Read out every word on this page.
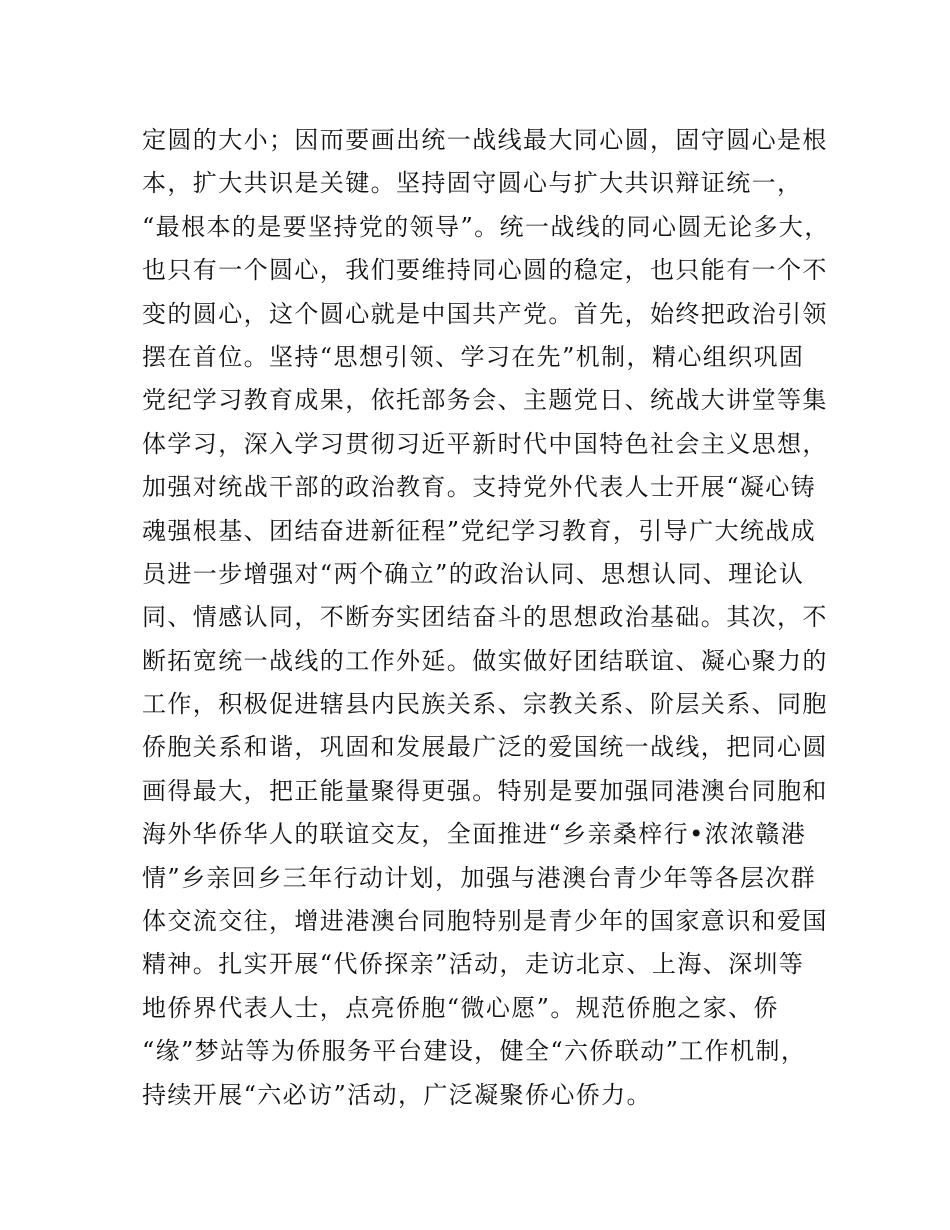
定圆的大小；因而要画出统一战线最大同心圆，固守圆心是根
本，扩大共识是关键。坚持固守圆心与扩大共识辩证统一，
“最根本的是要坚持党的领导”。统一战线的同心圆无论多大，
也只有一个圆心，我们要维持同心圆的稳定，也只能有一个不
变的圆心，这个圆心就是中国共产党。首先，始终把政治引领
摆在首位。坚持“思想引领、学习在先”机制，精心组织巩固
党纪学习教育成果，依托部务会、主题党日、统战大讲堂等集
体学习，深入学习贯彻习近平新时代中国特色社会主义思想，
加强对统战干部的政治教育。支持党外代表人士开展“凝心铸
魂强根基、团结奋进新征程”党纪学习教育，引导广大统战成
员进一步增强对“两个确立”的政治认同、思想认同、理论认
同、情感认同，不断夯实团结奋斗的思想政治基础。其次，不
断拓宽统一战线的工作外延。做实做好团结联谊、凝心聚力的
工作，积极促进辖县内民族关系、宗教关系、阶层关系、同胞
侨胞关系和谐，巩固和发展最广泛的爱国统一战线，把同心圆
画得最大，把正能量聚得更强。特别是要加强同港澳台同胞和
海外华侨华人的联谊交友，全面推进“乡亲桑梓行•浓浓赣港
情”乡亲回乡三年行动计划，加强与港澳台青少年等各层次群
体交流交往，增进港澳台同胞特别是青少年的国家意识和爱国
精神。扎实开展“代侨探亲”活动，走访北京、上海、深圳等
地侨界代表人士，点亮侨胞“微心愿”。规范侨胞之家、侨
“缘”梦站等为侨服务平台建设，健全“六侨联动”工作机制，
持续开展“六必访”活动，广泛凝聚侨心侨力。
